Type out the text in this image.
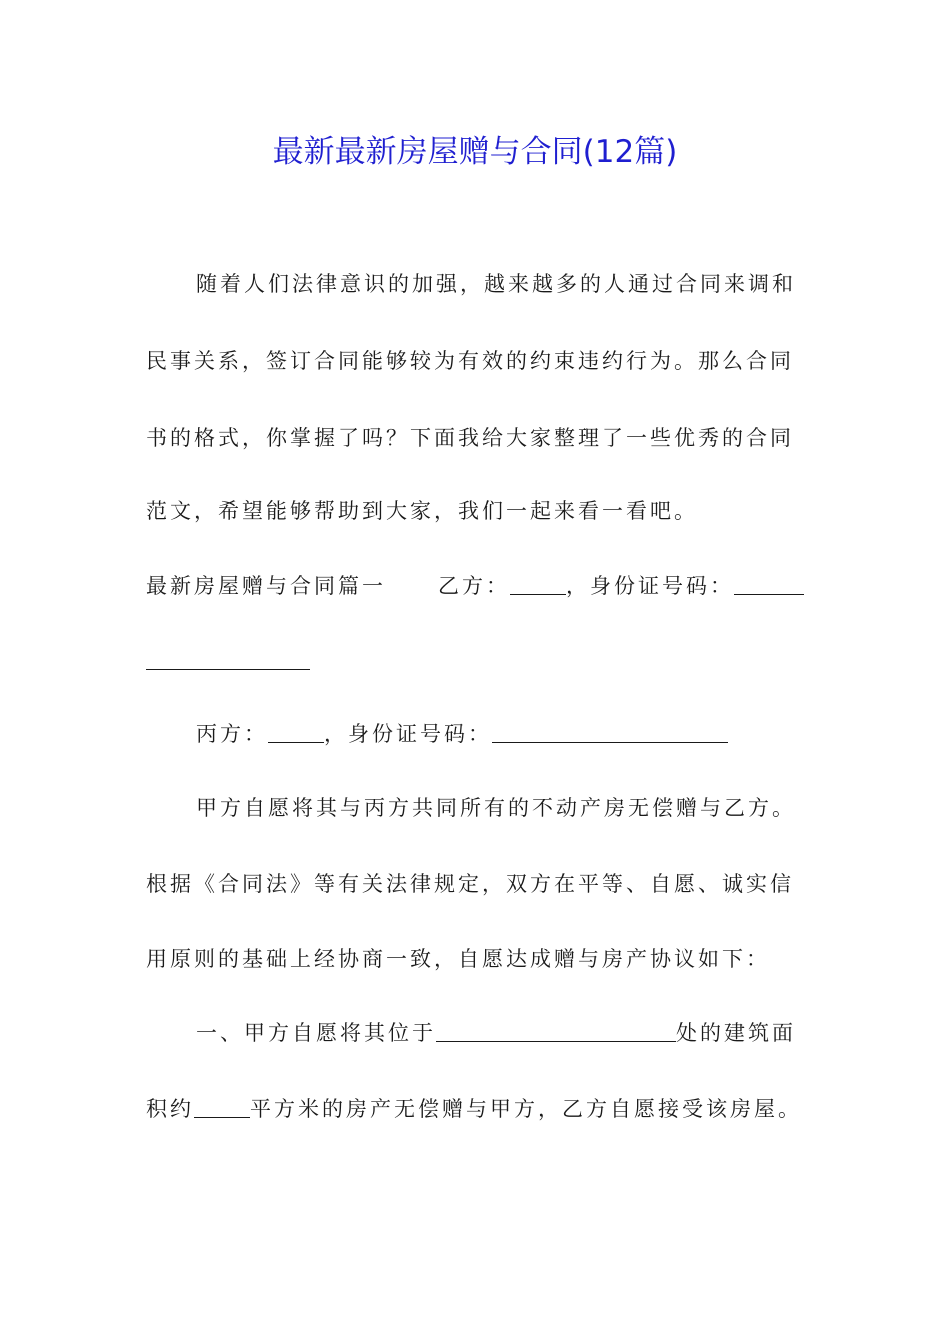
最新最新房屋赠与合同(12篇)
随着人们法律意识的加强，越来越多的人通过合同来调和
民事关系，签订合同能够较为有效的约束违约行为。那么合同
书的格式，你掌握了吗？下面我给大家整理了一些优秀的合同
范文，希望能够帮助到大家，我们一起来看一看吧。
最新房屋赠与合同篇一 乙方：	，身份证号码：
丙方：	，身份证号码：
甲方自愿将其与丙方共同所有的不动产房无偿赠与乙方。
根据《合同法》等有关法律规定，双方在平等、自愿、诚实信
用原则的基础上经协商一致，自愿达成赠与房产协议如下：
一、甲方自愿将其位于	处的建筑面
积约	平方米的房产无偿赠与甲方，乙方自愿接受该房屋。
